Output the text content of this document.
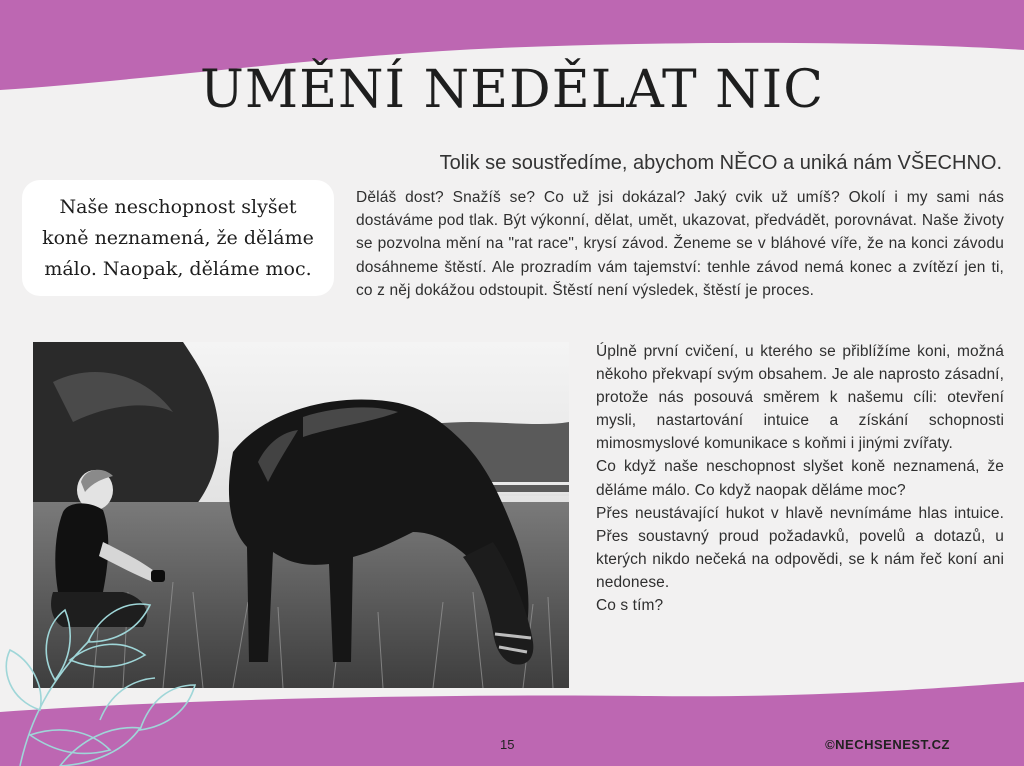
UMĚNÍ NEDĚLAT NIC

Tolik se soustředíme, abychom NĚCO a uniká nám VŠECHNO.

Naše neschopnost slyšet koně neznamená, že děláme málo. Naopak, děláme moc.

Děláš dost? Snažíš se? Co už jsi dokázal? Jaký cvik už umíš? Okolí i my sami nás dostáváme pod tlak. Být výkonní, dělat, umět, ukazovat, předvádět, porovnávat. Naše životy se pozvolna mění na "rat race", krysí závod. Ženeme se v bláhové víře, že na konci závodu dosáhneme štěstí. Ale prozradím vám tajemství: tenhle závod nemá konec a zvítězí jen ti, co z něj dokážou odstoupit. Štěstí není výsledek, štěstí je proces.

Úplně první cvičení, u kterého se přiblížíme koni, možná někoho překvapí svým obsahem. Je ale naprosto zásadní, protože nás posouvá směrem k našemu cíli: otevření mysli, nastartování intuice a získání schopnosti mimosmyslové komunikace s koňmi i jinými zvířaty.

Co když naše neschopnost slyšet koně neznamená, že děláme málo. Co když naopak děláme moc?

Přes neustávající hukot v hlavě nevnímáme hlas intuice. Přes soustavný proud požadavků, povelů a dotazů, u kterých nikdo nečeká na odpovědi, se k nám řeč koní ani nedonese.

Co s tím?

15	©NECHSENEST.CZ
